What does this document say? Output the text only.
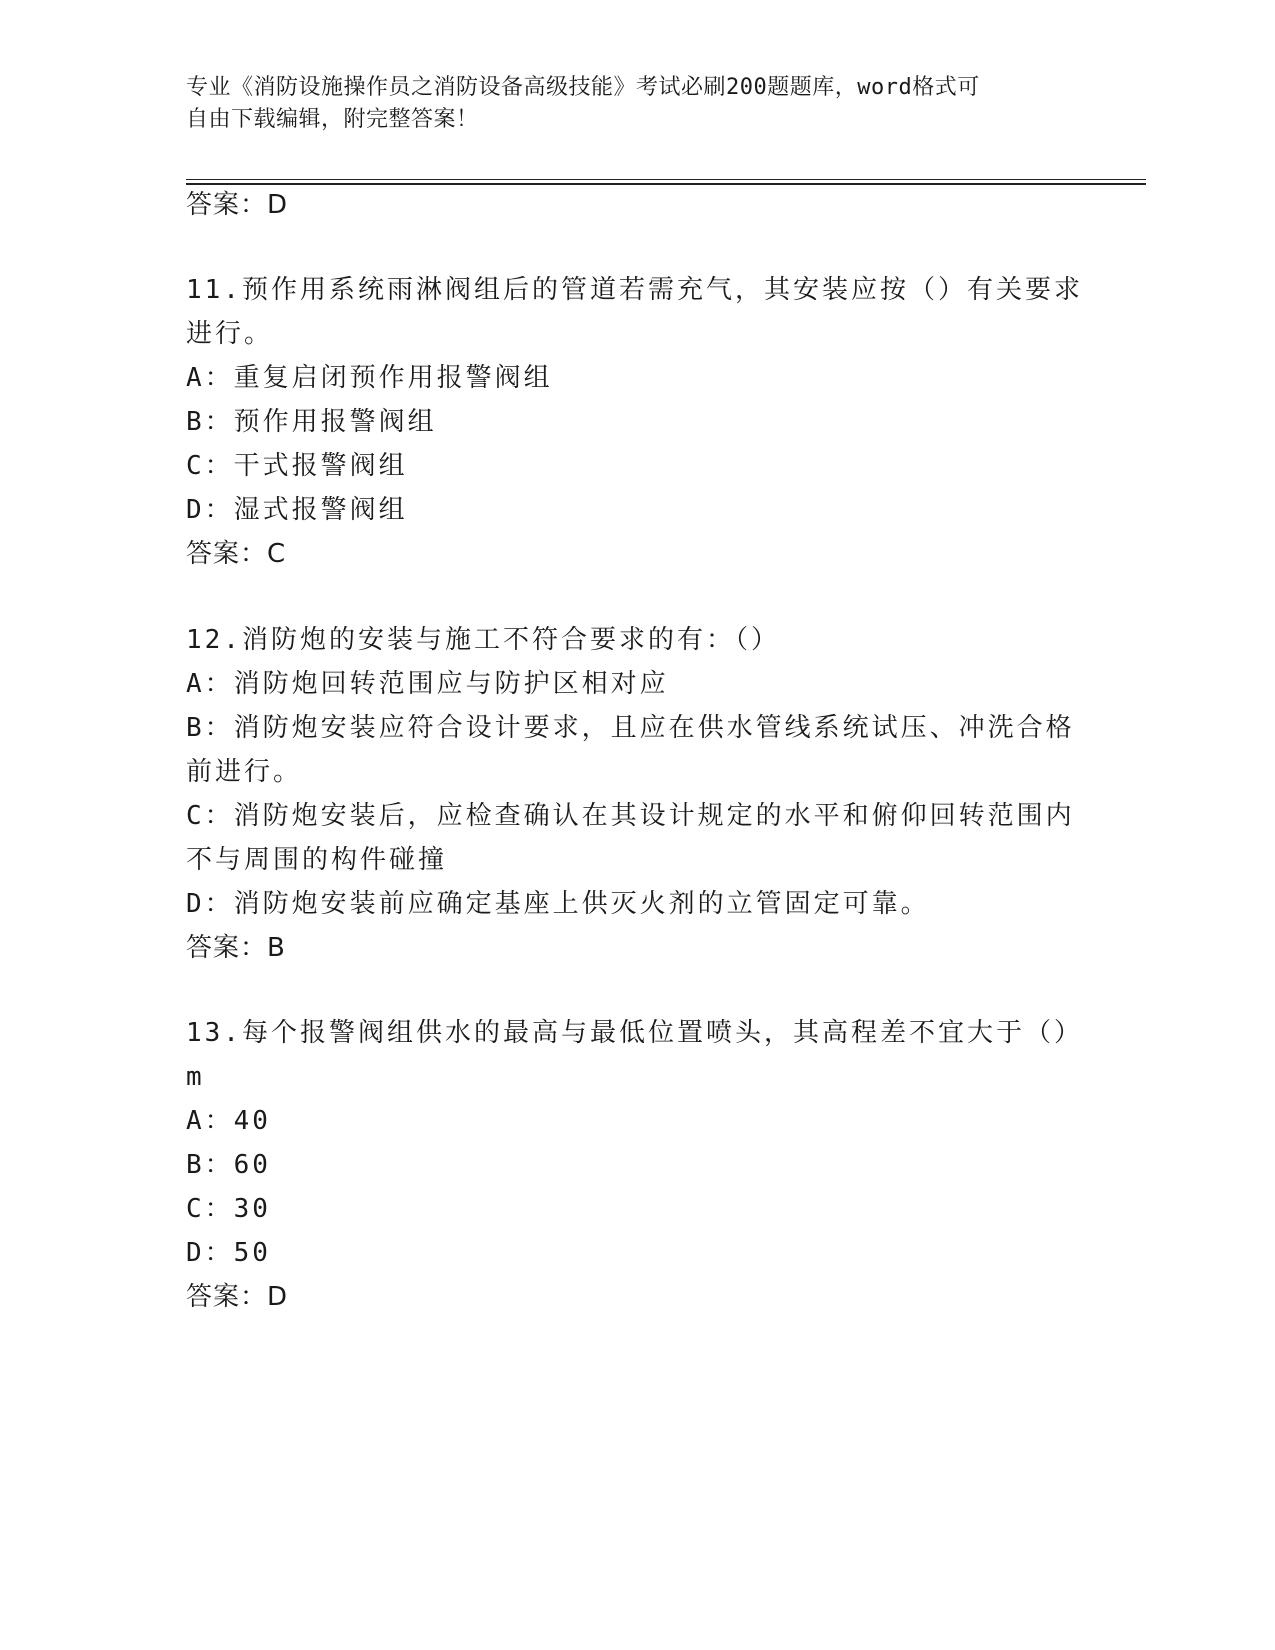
专业《消防设施操作员之消防设备高级技能》考试必刷200题题库，word格式可
自由下载编辑，附完整答案！
答案：D
11.预作用系统雨淋阀组后的管道若需充气，其安装应按（）有关要求
进行。
A：重复启闭预作用报警阀组
B：预作用报警阀组
C：干式报警阀组
D：湿式报警阀组
答案：C
12.消防炮的安装与施工不符合要求的有：（）
A：消防炮回转范围应与防护区相对应
B：消防炮安装应符合设计要求，且应在供水管线系统试压、冲洗合格
前进行。
C：消防炮安装后，应检查确认在其设计规定的水平和俯仰回转范围内
不与周围的构件碰撞
D：消防炮安装前应确定基座上供灭火剂的立管固定可靠。
答案：B
13.每个报警阀组供水的最高与最低位置喷头，其高程差不宜大于（）
m
A：40
B：60
C：30
D：50
答案：D
